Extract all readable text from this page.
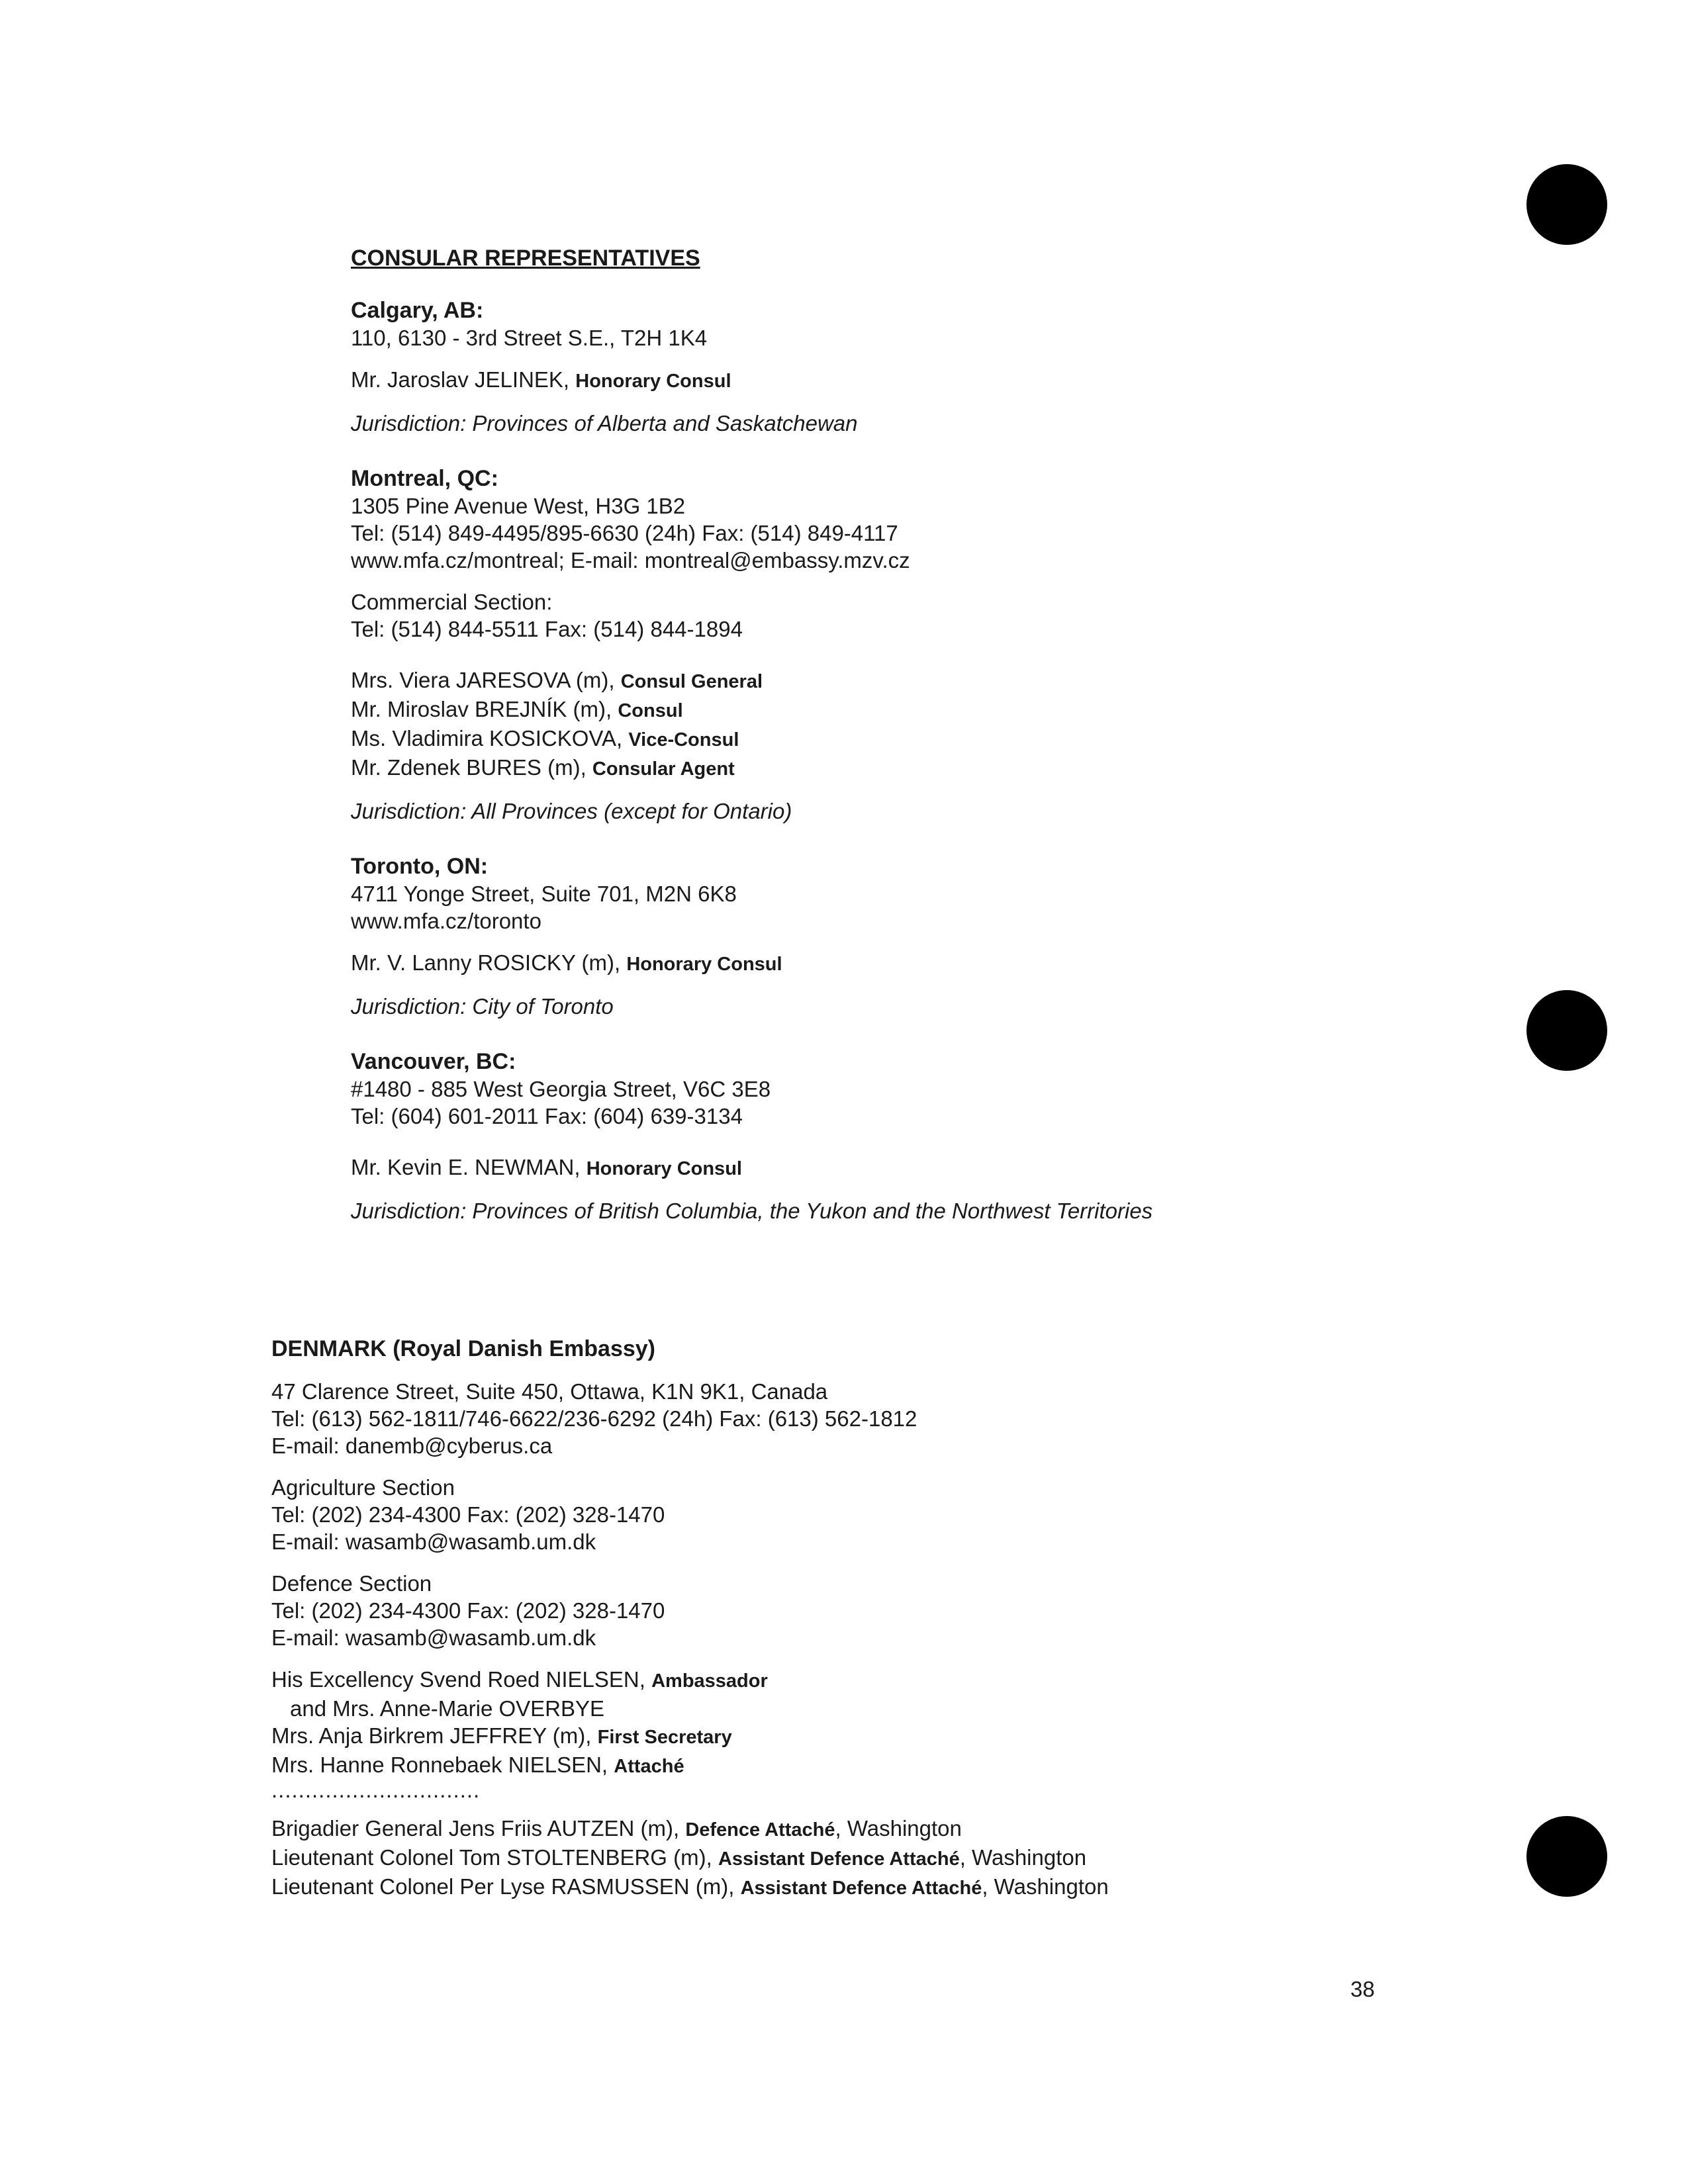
CONSULAR REPRESENTATIVES
Calgary, AB:
110, 6130 - 3rd Street S.E., T2H 1K4
Mr. Jaroslav JELINEK, Honorary Consul
Jurisdiction: Provinces of Alberta and Saskatchewan
Montreal, QC:
1305 Pine Avenue West, H3G 1B2
Tel: (514) 849-4495/895-6630 (24h) Fax: (514) 849-4117
www.mfa.cz/montreal; E-mail: montreal@embassy.mzv.cz
Commercial Section:
Tel: (514) 844-5511 Fax: (514) 844-1894
Mrs. Viera JARESOVA (m), Consul General
Mr. Miroslav BREJNÍK (m), Consul
Ms. Vladimira KOSICKOVA, Vice-Consul
Mr. Zdenek BURES (m), Consular Agent
Jurisdiction: All Provinces (except for Ontario)
Toronto, ON:
4711 Yonge Street, Suite 701, M2N 6K8
www.mfa.cz/toronto
Mr. V. Lanny ROSICKY (m), Honorary Consul
Jurisdiction: City of Toronto
Vancouver, BC:
#1480 - 885 West Georgia Street, V6C 3E8
Tel: (604) 601-2011 Fax: (604) 639-3134
Mr. Kevin E. NEWMAN, Honorary Consul
Jurisdiction: Provinces of British Columbia, the Yukon and the Northwest Territories
DENMARK (Royal Danish Embassy)
47 Clarence Street, Suite 450, Ottawa, K1N 9K1, Canada
Tel: (613) 562-1811/746-6622/236-6292 (24h) Fax: (613) 562-1812
E-mail: danemb@cyberus.ca
Agriculture Section
Tel: (202) 234-4300 Fax: (202) 328-1470
E-mail: wasamb@wasamb.um.dk
Defence Section
Tel: (202) 234-4300 Fax: (202) 328-1470
E-mail: wasamb@wasamb.um.dk
His Excellency Svend Roed NIELSEN, Ambassador
and Mrs. Anne-Marie OVERBYE
Mrs. Anja Birkrem JEFFREY (m), First Secretary
Mrs. Hanne Ronnebaek NIELSEN, Attaché
...............................
Brigadier General Jens Friis AUTZEN (m), Defence Attaché, Washington
Lieutenant Colonel Tom STOLTENBERG (m), Assistant Defence Attaché, Washington
Lieutenant Colonel Per Lyse RASMUSSEN (m), Assistant Defence Attaché, Washington
38
